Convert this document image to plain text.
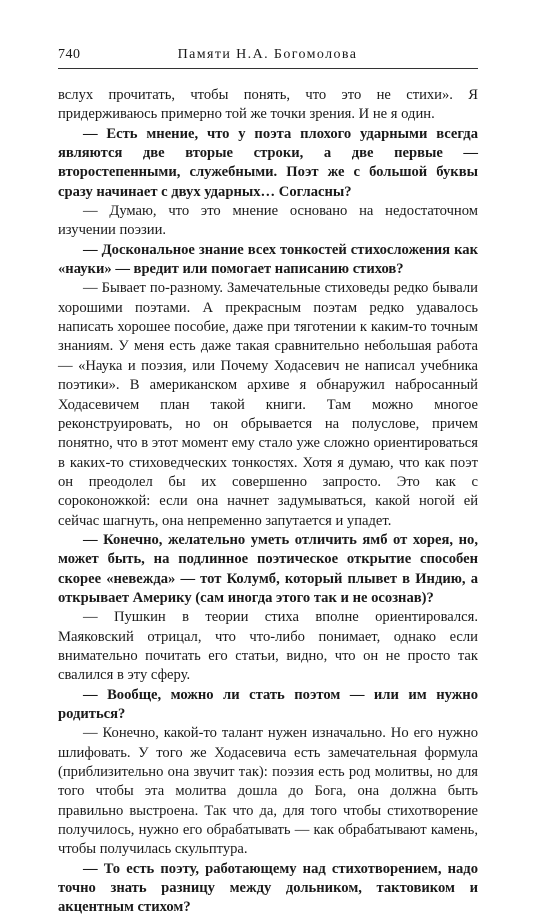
740	Памяти Н.А. Богомолова

вслух прочитать, чтобы понять, что это не стихи». Я придерживаюсь примерно той же точки зрения. И не я один.

— Есть мнение, что у поэта плохого ударными всегда являются две вторые строки, а две первые — второстепенными, служебными. Поэт же с большой буквы сразу начинает с двух ударных… Согласны?

— Думаю, что это мнение основано на недостаточном изучении поэзии.

— Доскональное знание всех тонкостей стихосложения как «науки» — вредит или помогает написанию стихов?

— Бывает по-разному. Замечательные стиховеды редко бывали хорошими поэтами. А прекрасным поэтам редко удавалось написать хорошее пособие, даже при тяготении к каким-то точным знаниям. У меня есть даже такая сравнительно небольшая работа — «Наука и поэзия, или Почему Ходасевич не написал учебника поэтики». В американском архиве я обнаружил набросанный Ходасевичем план такой книги. Там можно многое реконструировать, но он обрывается на полуслове, причем понятно, что в этот момент ему стало уже сложно ориентироваться в каких-то стиховедческих тонкостях. Хотя я думаю, что как поэт он преодолел бы их совершенно запросто. Это как с сороконожкой: если она начнет задумываться, какой ногой ей сейчас шагнуть, она непременно запутается и упадет.

— Конечно, желательно уметь отличить ямб от хорея, но, может быть, на подлинное поэтическое открытие способен скорее «невежда» — тот Колумб, который плывет в Индию, а открывает Америку (сам иногда этого так и не осознав)?

— Пушкин в теории стиха вполне ориентировался. Маяковский отрицал, что что-либо понимает, однако если внимательно почитать его статьи, видно, что он не просто так свалился в эту сферу.

— Вообще, можно ли стать поэтом — или им нужно родиться?

— Конечно, какой-то талант нужен изначально. Но его нужно шлифовать. У того же Ходасевича есть замечательная формула (приблизительно она звучит так): поэзия есть род молитвы, но для того чтобы эта молитва дошла до Бога, она должна быть правильно выстроена. Так что да, для того чтобы стихотворение получилось, нужно его обрабатывать — как обрабатывают камень, чтобы получилась скульптура.

— То есть поэту, работающему над стихотворением, надо точно знать разницу между дольником, тактовиком и акцентным стихом?
